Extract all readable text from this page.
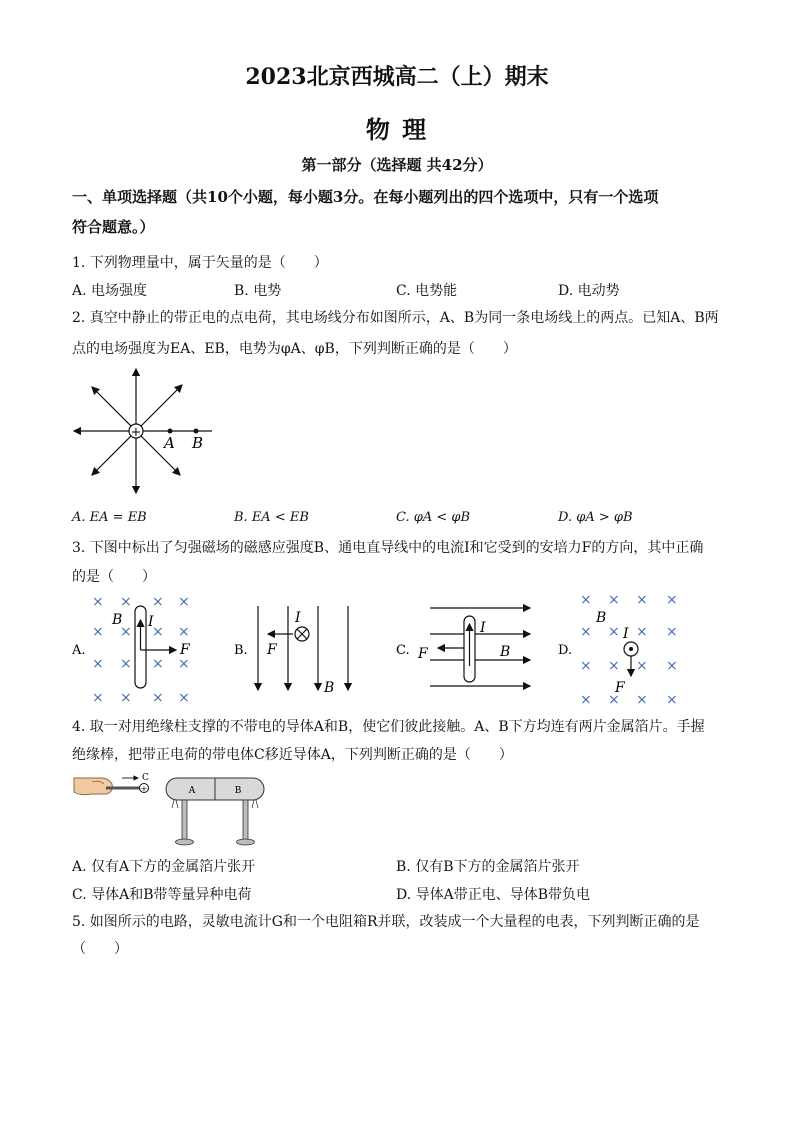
2023北京西城高二（上）期末
物 理
第一部分（选择题 共42分）
一、单项选择题（共10个小题，每小题3分。在每小题列出的四个选项中，只有一个选项
符合题意。）
1. 下列物理量中，属于矢量的是（　　）
A. 电场强度	B. 电势	C. 电势能	D. 电动势
2. 真空中静止的带正电的点电荷，其电场线分布如图所示，A、B为同一条电场线上的两点。已知A、B两
点的电场强度为EA、EB，电势为φA、φB，下列判断正确的是（　　）
+
A B
A. EA = EB	B. EA < EB	C. φA < φB	D. φA > φB
3. 下图中标出了匀强磁场的磁感应强度B、通电直导线中的电流I和它受到的安培力F的方向，其中正确
的是（　　）
A.
× × × ×
× × × ×
× × × ×
× × × ×
B I
F	B.
I
F
B
C.
I
F	B	D.
× × × ×
× × × ×
× × × ×
× × × ×
B
I
F
4. 取一对用绝缘柱支撑的不带电的导体A和B，使它们彼此接触。A、B下方均连有两片金属箔片。手握
绝缘棒，把带正电荷的带电体C移近导体A，下列判断正确的是（　　）
+
C
A	B
A. 仅有A下方的金属箔片张开	B. 仅有B下方的金属箔片张开
C. 导体A和B带等量异种电荷	D. 导体A带正电、导体B带负电
5. 如图所示的电路，灵敏电流计G和一个电阻箱R并联，改装成一个大量程的电表，下列判断正确的是
（　　）
